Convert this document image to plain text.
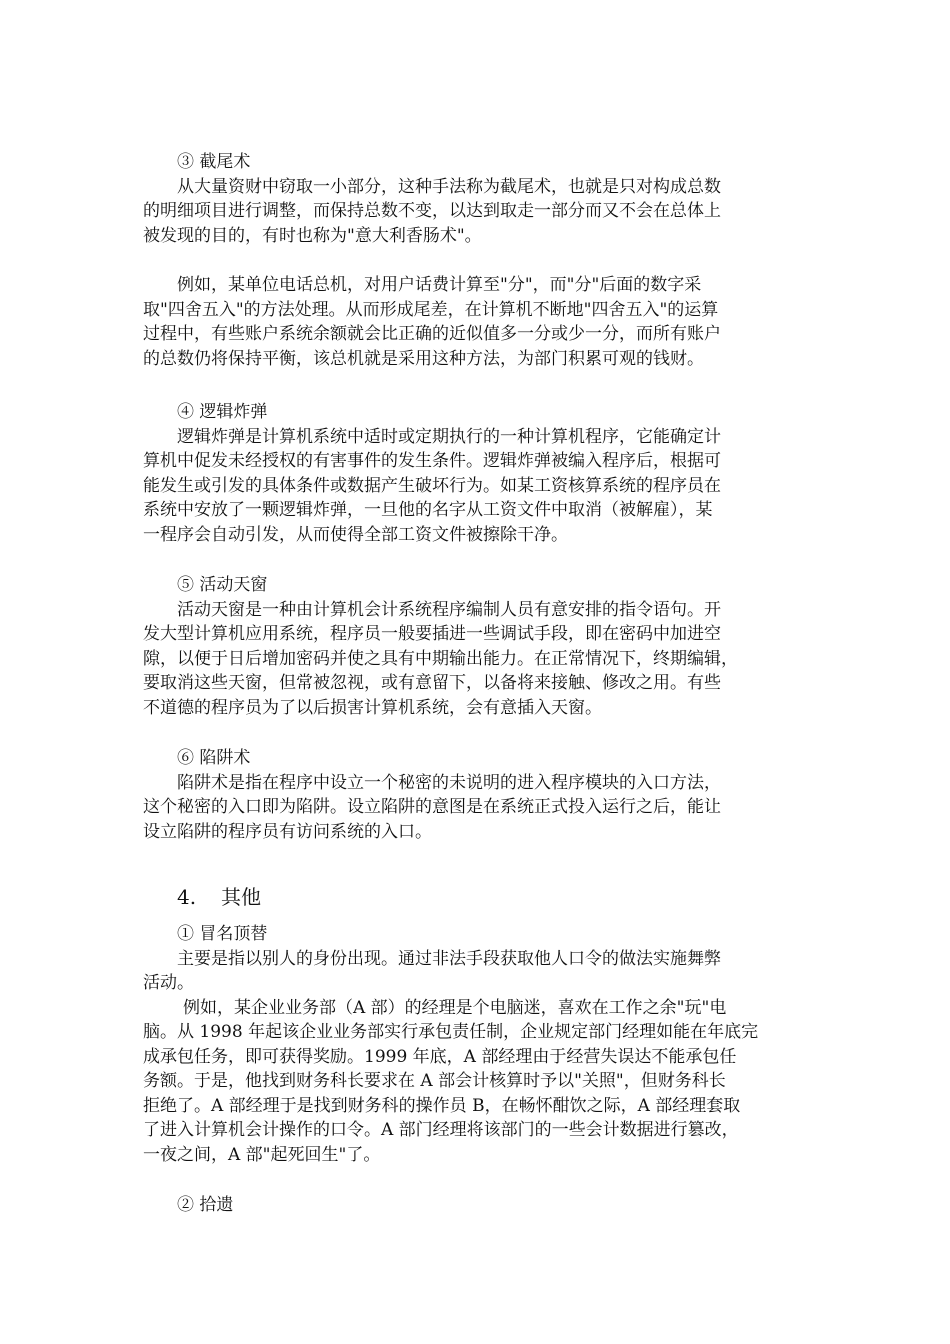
③ 截尾术
从大量资财中窃取一小部分，这种手法称为截尾术，也就是只对构成总数
的明细项目进行调整，而保持总数不变，以达到取走一部分而又不会在总体上
被发现的目的，有时也称为"意大利香肠术"。
例如，某单位电话总机，对用户话费计算至"分"，而"分"后面的数字采
取"四舍五入"的方法处理。从而形成尾差，在计算机不断地"四舍五入"的运算
过程中，有些账户系统余额就会比正确的近似值多一分或少一分，而所有账户
的总数仍将保持平衡，该总机就是采用这种方法，为部门积累可观的钱财。
④ 逻辑炸弹
逻辑炸弹是计算机系统中适时或定期执行的一种计算机程序，它能确定计
算机中促发未经授权的有害事件的发生条件。逻辑炸弹被编入程序后，根据可
能发生或引发的具体条件或数据产生破坏行为。如某工资核算系统的程序员在
系统中安放了一颗逻辑炸弹，一旦他的名字从工资文件中取消（被解雇），某
一程序会自动引发，从而使得全部工资文件被擦除干净。
⑤ 活动天窗
活动天窗是一种由计算机会计系统程序编制人员有意安排的指令语句。开
发大型计算机应用系统，程序员一般要插进一些调试手段，即在密码中加进空
隙，以便于日后增加密码并使之具有中期输出能力。在正常情况下，终期编辑，
要取消这些天窗，但常被忽视，或有意留下，以备将来接触、修改之用。有些
不道德的程序员为了以后损害计算机系统，会有意插入天窗。
⑥ 陷阱术
陷阱术是指在程序中设立一个秘密的未说明的进入程序模块的入口方法，
这个秘密的入口即为陷阱。设立陷阱的意图是在系统正式投入运行之后，能让
设立陷阱的程序员有访问系统的入口。
4. 其他
① 冒名顶替
主要是指以别人的身份出现。通过非法手段获取他人口令的做法实施舞弊
活动。
例如，某企业业务部（A 部）的经理是个电脑迷，喜欢在工作之余"玩"电
脑。从 1998 年起该企业业务部实行承包责任制，企业规定部门经理如能在年底完
成承包任务，即可获得奖励。1999 年底，A 部经理由于经营失误达不能承包任
务额。于是，他找到财务科长要求在 A 部会计核算时予以"关照"，但财务科长
拒绝了。A 部经理于是找到财务科的操作员 B，在畅怀酣饮之际，A 部经理套取
了进入计算机会计操作的口令。A 部门经理将该部门的一些会计数据进行篡改，
一夜之间，A 部"起死回生"了。
② 拾遗
